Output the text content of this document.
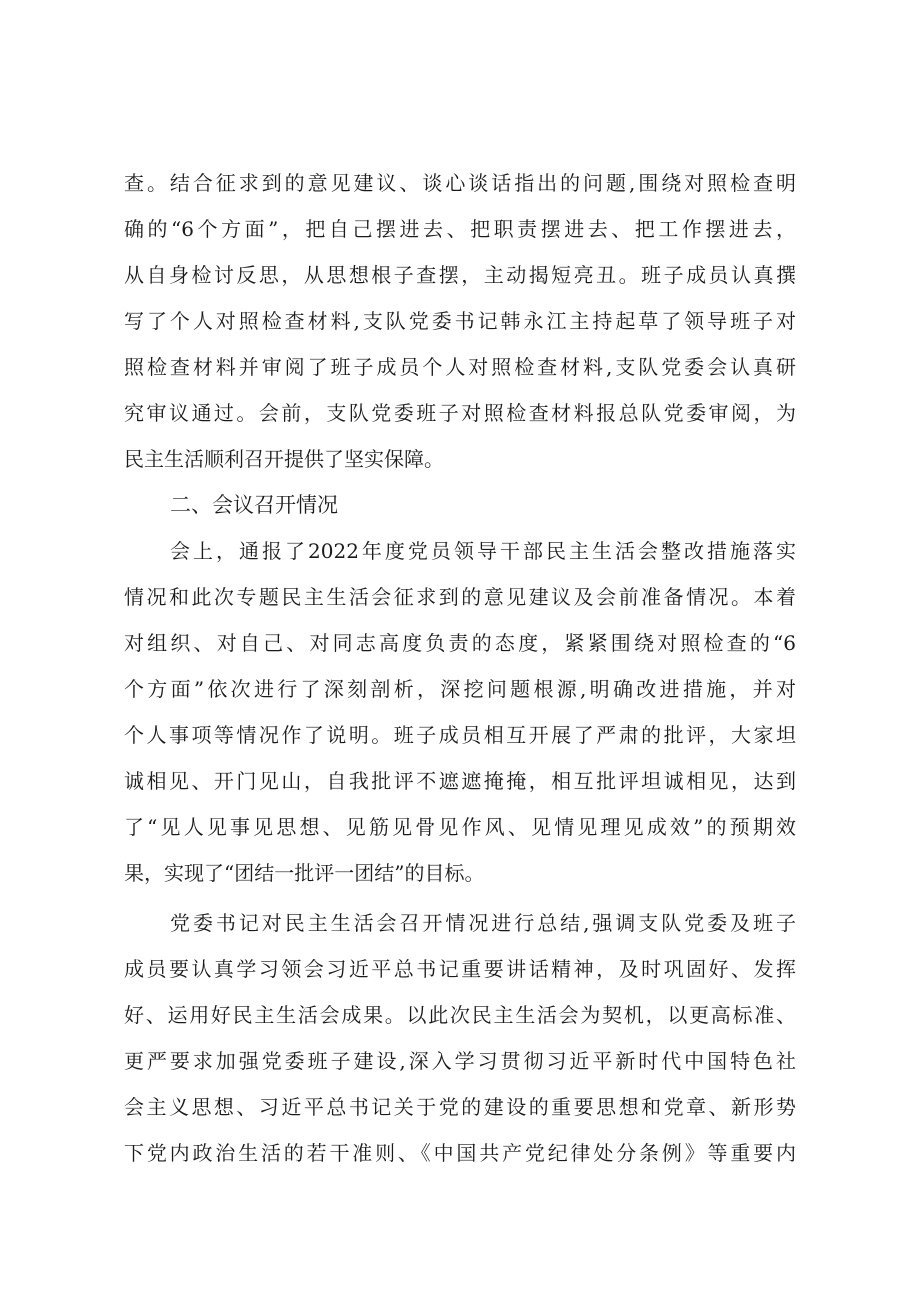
查。结合征求到的意见建议、谈心谈话指出的问题,围绕对照检查明
确的“6个方面”，把自己摆进去、把职责摆进去、把工作摆进去，
从自身检讨反思，从思想根子查摆，主动揭短亮丑。班子成员认真撰
写了个人对照检查材料,支队党委书记韩永江主持起草了领导班子对
照检查材料并审阅了班子成员个人对照检查材料,支队党委会认真研
究审议通过。会前，支队党委班子对照检查材料报总队党委审阅，为
民主生活顺利召开提供了坚实保障。
二、会议召开情况
会上，通报了2022年度党员领导干部民主生活会整改措施落实
情况和此次专题民主生活会征求到的意见建议及会前准备情况。本着
对组织、对自己、对同志高度负责的态度，紧紧围绕对照检查的“6
个方面”依次进行了深刻剖析，深挖问题根源,明确改进措施，并对
个人事项等情况作了说明。班子成员相互开展了严肃的批评，大家坦
诚相见、开门见山，自我批评不遮遮掩掩，相互批评坦诚相见，达到
了“见人见事见思想、见筋见骨见作风、见情见理见成效”的预期效
果，实现了“团结一批评一团结”的目标。
党委书记对民主生活会召开情况进行总结,强调支队党委及班子
成员要认真学习领会习近平总书记重要讲话精神，及时巩固好、发挥
好、运用好民主生活会成果。以此次民主生活会为契机，以更高标准、
更严要求加强党委班子建设,深入学习贯彻习近平新时代中国特色社
会主义思想、习近平总书记关于党的建设的重要思想和党章、新形势
下党内政治生活的若干准则、《中国共产党纪律处分条例》等重要内
